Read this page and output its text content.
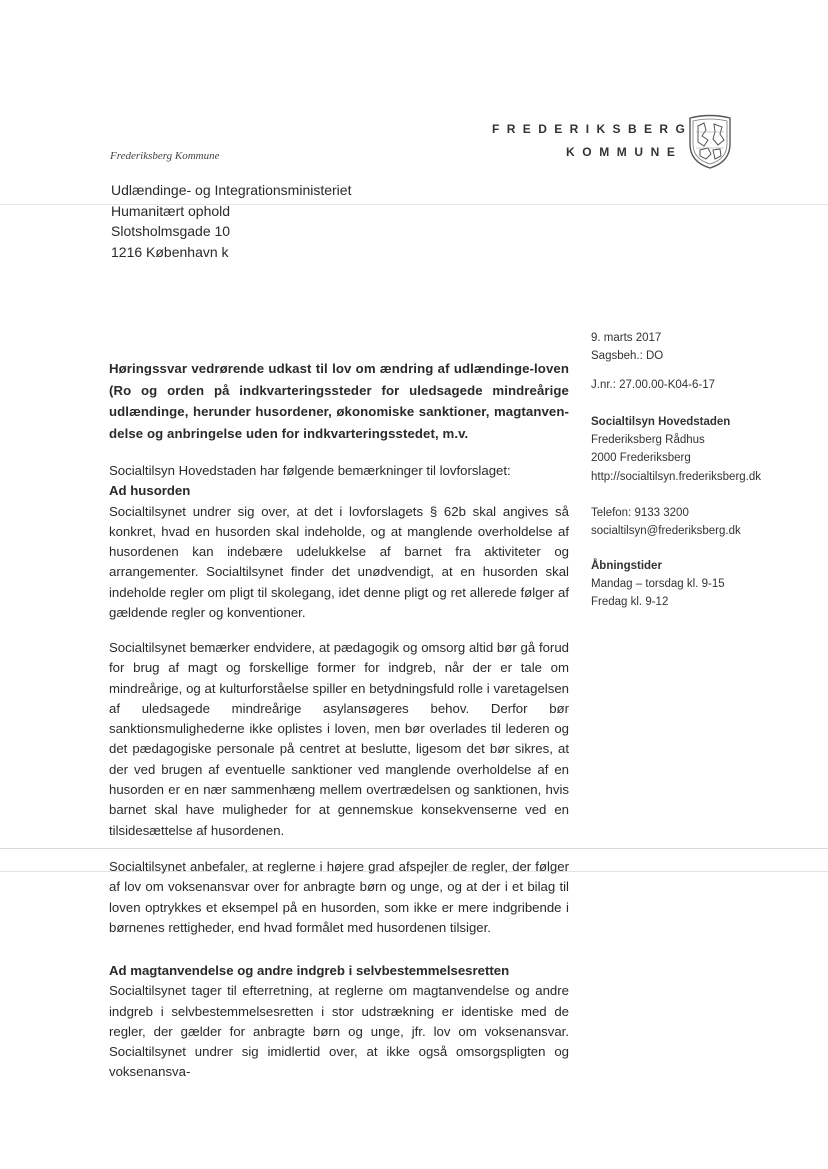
FREDERIKSBERG
KOMMUNE
Frederiksberg Kommune
Udlændinge- og Integrationsministeriet
Humanitært ophold
Slotsholmsgade 10
1216 København k
9. marts 2017
Sagsbeh.: DO
J.nr.: 27.00.00-K04-6-17
Socialtilsyn Hovedstaden
Frederiksberg Rådhus
2000 Frederiksberg
http://socialtilsyn.frederiksberg.dk
Telefon: 9133 3200
socialtilsyn@frederiksberg.dk
Åbningstider
Mandag – torsdag kl. 9-15
Fredag kl. 9-12
Høringssvar vedrørende udkast til lov om ændring af udlændinge-loven (Ro og orden på indkvarteringssteder for uledsagede mindreårige udlændinge, herunder husordener, økonomiske sanktioner, magtanven-delse og anbringelse uden for indkvarteringsstedet, m.v.
Socialtilsyn Hovedstaden har følgende bemærkninger til lovforslaget:
Ad husorden
Socialtilsynet undrer sig over, at det i lovforslagets § 62b skal angives så konkret, hvad en husorden skal indeholde, og at manglende overholdelse af husordenen kan indebære udelukkelse af barnet fra aktiviteter og arrangementer. Socialtilsynet finder det unødvendigt, at en husorden skal indeholde regler om pligt til skolegang, idet denne pligt og ret allerede følger af gældende regler og konventioner.
Socialtilsynet bemærker endvidere, at pædagogik og omsorg altid bør gå forud for brug af magt og forskellige former for indgreb, når der er tale om mindreårige, og at kulturforståelse spiller en betydningsfuld rolle i varetagelsen af uledsagede mindreårige asylansøgeres behov. Derfor bør sanktionsmulighederne ikke oplistes i loven, men bør overlades til lederen og det pædagogiske personale på centret at beslutte, ligesom det bør sikres, at der ved brugen af eventuelle sanktioner ved manglende overholdelse af en husorden er en nær sammenhæng mellem overtrædelsen og sanktionen, hvis barnet skal have muligheder for at gennemskue konsekvenserne ved en tilsidesættelse af husordenen.
Socialtilsynet anbefaler, at reglerne i højere grad afspejler de regler, der følger af lov om voksenansvar over for anbragte børn og unge, og at der i et bilag til loven optrykkes et eksempel på en husorden, som ikke er mere indgribende i børnenes rettigheder, end hvad formålet med husordenen tilsiger.
Ad magtanvendelse og andre indgreb i selvbestemmelsesretten
Socialtilsynet tager til efterretning, at reglerne om magtanvendelse og andre indgreb i selvbestemmelsesretten i stor udstrækning er identiske med de regler, der gælder for anbragte børn og unge, jfr. lov om voksenansvar. Socialtilsynet undrer sig imidlertid over, at ikke også omsorgspligten og voksenansva-
